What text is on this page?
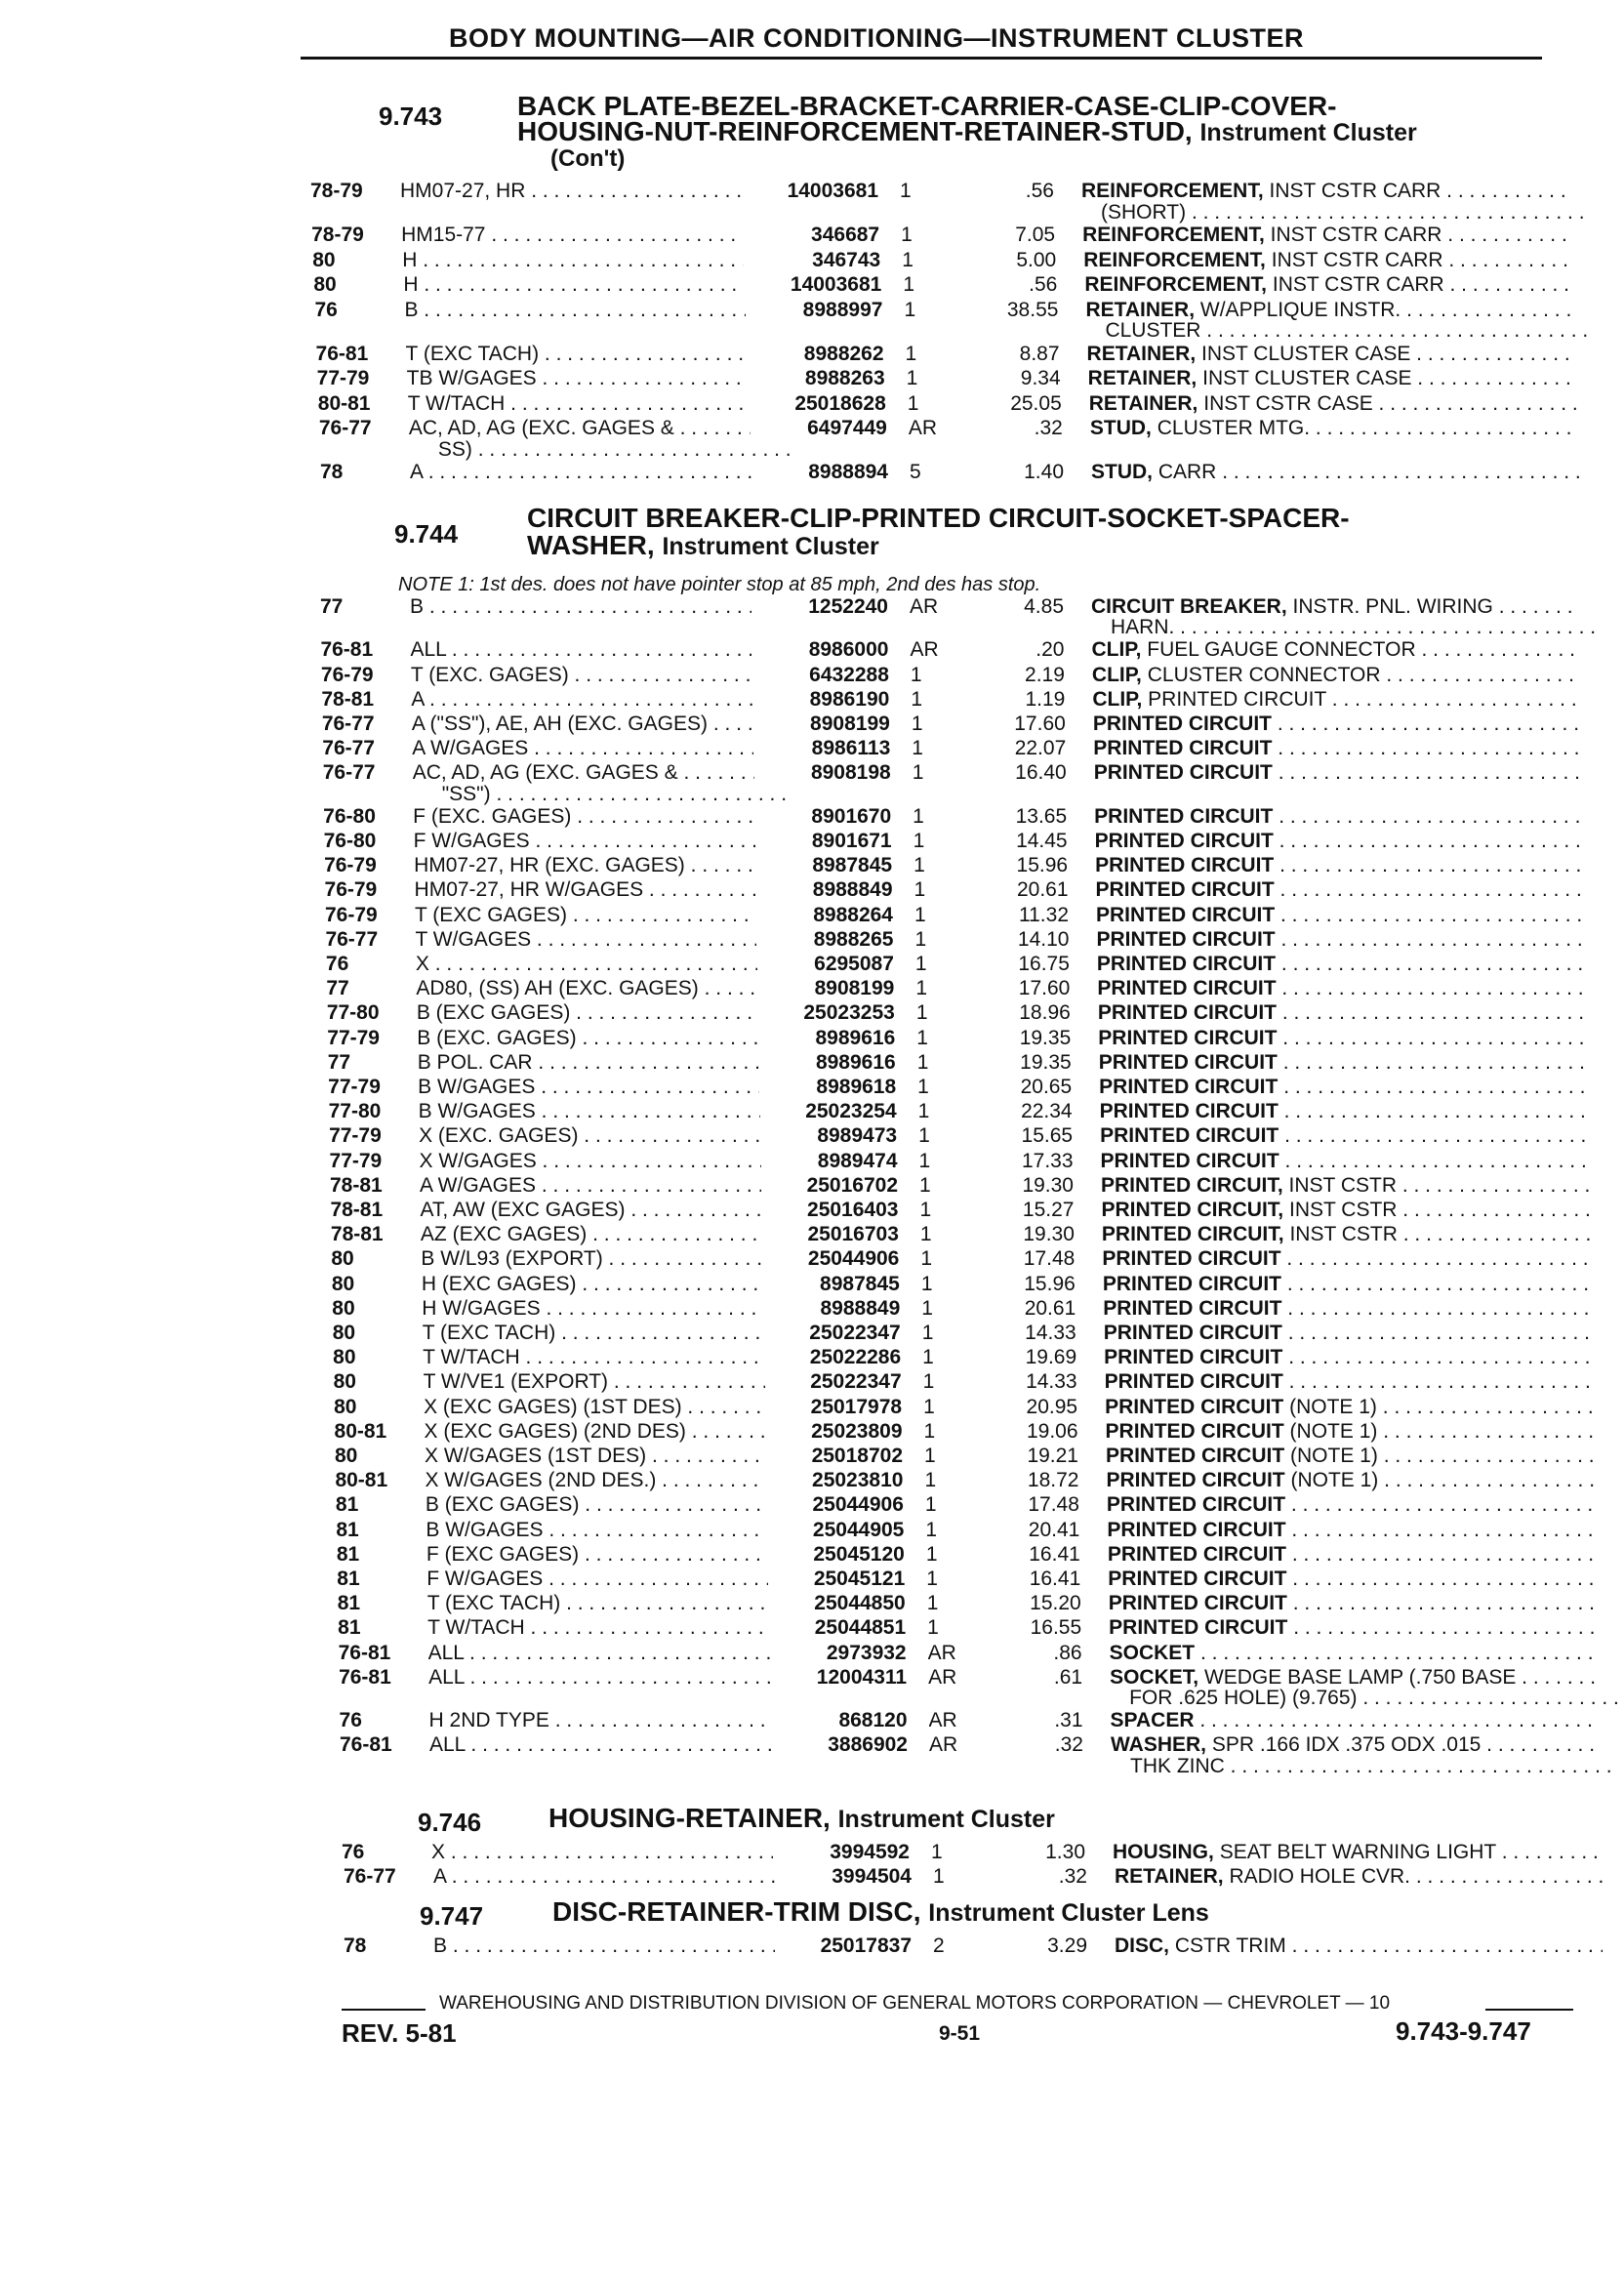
BODY MOUNTING—AIR CONDITIONING—INSTRUMENT CLUSTER
9.743	BACK PLATE-BEZEL-BRACKET-CARRIER-CASE-CLIP-COVER-
HOUSING-NUT-REINFORCEMENT-RETAINER-STUD, Instrument Cluster
(Con't)
78-79	HM07-27, HR . . .	14003681 1	.56 REINFORCEMENT, INST CSTR CARR . . .
(SHORT) . . .
78-79	HM15-77 . . .	346687 1	7.05 REINFORCEMENT, INST CSTR CARR . . .
80	H . . .	346743 1	5.00 REINFORCEMENT, INST CSTR CARR . . .
80	H . . .	14003681 1	.56 REINFORCEMENT, INST CSTR CARR . . .
76	B . . .	8988997 1	38.55 RETAINER, W/APPLIQUE INSTR. . . .
CLUSTER . . .
76-81	T (EXC TACH) . . .	8988262 1	8.87 RETAINER, INST CLUSTER CASE . . .
77-79	TB W/GAGES . . .	8988263 1	9.34 RETAINER, INST CLUSTER CASE . . .
80-81	T W/TACH . . .	25018628 1	25.05 RETAINER, INST CSTR CASE . . .
76-77	AC, AD, AG (EXC. GAGES & . . .	6497449 AR	.32 STUD, CLUSTER MTG. . . .
SS) . . .
78	A . . .	8988894 5	1.40 STUD, CARR . . .
9.744
CIRCUIT BREAKER-CLIP-PRINTED CIRCUIT-SOCKET-SPACER-
WASHER, Instrument Cluster
NOTE 1: 1st des. does not have pointer stop at 85 mph, 2nd des has stop.
77	B . . .	1252240 AR	4.85 CIRCUIT BREAKER, INSTR. PNL. WIRING . . .
HARN. . . .
76-81	ALL . . .	8986000 AR	.20 CLIP, FUEL GAUGE CONNECTOR . . .
76-79	T (EXC. GAGES) . . .	6432288 1	2.19 CLIP, CLUSTER CONNECTOR . . .
78-81	A . . .	8986190 1	1.19 CLIP, PRINTED CIRCUIT . . .
76-77	A ("SS"), AE, AH (EXC. GAGES) . . .	8908199 1	17.60 PRINTED CIRCUIT . . .
76-77	A W/GAGES . . .	8986113 1	22.07 PRINTED CIRCUIT . . .
76-77	AC, AD, AG (EXC. GAGES & . . .	8908198 1	16.40 PRINTED CIRCUIT . . .
"SS") . . .
76-80	F (EXC. GAGES) . . .	8901670 1	13.65 PRINTED CIRCUIT . . .
76-80	F W/GAGES . . .	8901671 1	14.45 PRINTED CIRCUIT . . .
76-79	HM07-27, HR (EXC. GAGES) . . .	8987845 1	15.96 PRINTED CIRCUIT . . .
76-79	HM07-27, HR W/GAGES . . .	8988849 1	20.61 PRINTED CIRCUIT . . .
76-79	T (EXC GAGES) . . .	8988264 1	11.32 PRINTED CIRCUIT . . .
76-77	T W/GAGES . . .	8988265 1	14.10 PRINTED CIRCUIT . . .
76	X . . .	6295087 1	16.75 PRINTED CIRCUIT . . .
77	AD80, (SS) AH (EXC. GAGES) . . .	8908199 1	17.60 PRINTED CIRCUIT . . .
77-80	B (EXC GAGES) . . .	25023253 1	18.96 PRINTED CIRCUIT . . .
77-79	B (EXC. GAGES) . . .	8989616 1	19.35 PRINTED CIRCUIT . . .
77	B POL. CAR . . .	8989616 1	19.35 PRINTED CIRCUIT . . .
77-79	B W/GAGES . . .	8989618 1	20.65 PRINTED CIRCUIT . . .
77-80	B W/GAGES . . .	25023254 1	22.34 PRINTED CIRCUIT . . .
77-79	X (EXC. GAGES) . . .	8989473 1	15.65 PRINTED CIRCUIT . . .
77-79	X W/GAGES . . .	8989474 1	17.33 PRINTED CIRCUIT . . .
78-81	A W/GAGES . . .	25016702 1	19.30 PRINTED CIRCUIT, INST CSTR . . .
78-81	AT, AW (EXC GAGES) . . .	25016403 1	15.27 PRINTED CIRCUIT, INST CSTR . . .
78-81	AZ (EXC GAGES) . . .	25016703 1	19.30 PRINTED CIRCUIT, INST CSTR . . .
80	B W/L93 (EXPORT) . . .	25044906 1	17.48 PRINTED CIRCUIT . . .
80	H (EXC GAGES) . . .	8987845 1	15.96 PRINTED CIRCUIT . . .
80	H W/GAGES . . .	8988849 1	20.61 PRINTED CIRCUIT . . .
80	T (EXC TACH) . . .	25022347 1	14.33 PRINTED CIRCUIT . . .
80	T W/TACH . . .	25022286 1	19.69 PRINTED CIRCUIT . . .
80	T W/VE1 (EXPORT) . . .	25022347 1	14.33 PRINTED CIRCUIT . . .
80	X (EXC GAGES) (1ST DES) . . .	25017978 1	20.95 PRINTED CIRCUIT (NOTE 1) . . .
80-81	X (EXC GAGES) (2ND DES) . . .	25023809 1	19.06 PRINTED CIRCUIT (NOTE 1) . . .
80	X W/GAGES (1ST DES) . . .	25018702 1	19.21 PRINTED CIRCUIT (NOTE 1) . . .
80-81	X W/GAGES (2ND DES.) . . .	25023810 1	18.72 PRINTED CIRCUIT (NOTE 1) . . .
81	B (EXC GAGES) . . .	25044906 1	17.48 PRINTED CIRCUIT . . .
81	B W/GAGES . . .	25044905 1	20.41 PRINTED CIRCUIT . . .
81	F (EXC GAGES) . . .	25045120 1	16.41 PRINTED CIRCUIT . . .
81	F W/GAGES . . .	25045121 1	16.41 PRINTED CIRCUIT . . .
81	T (EXC TACH) . . .	25044850 1	15.20 PRINTED CIRCUIT . . .
81	T W/TACH . . .	25044851 1	16.55 PRINTED CIRCUIT . . .
76-81	ALL . . .	2973932 AR	.86 SOCKET . . .
76-81	ALL . . .	12004311 AR	.61 SOCKET, WEDGE BASE LAMP (.750 BASE . . .
FOR .625 HOLE) (9.765) . . .
76	H 2ND TYPE . . .	868120 AR	.31 SPACER . . .
76-81	ALL . . .	3886902 AR	.32 WASHER, SPR .166 IDX .375 ODX .015 . . .
THK ZINC . . .
9.746 HOUSING-RETAINER, Instrument Cluster
76	X . . .	3994592 1	1.30 HOUSING, SEAT BELT WARNING LIGHT . . .
76-77	A . . .	3994504 1	.32 RETAINER, RADIO HOLE CVR. . . .
9.747	DISC-RETAINER-TRIM DISC, Instrument Cluster Lens
78	B . . .	25017837 2	3.29 DISC, CSTR TRIM . . .
WAREHOUSING AND DISTRIBUTION DIVISION OF GENERAL MOTORS CORPORATION — CHEVROLET — 10
REV. 5-81	9-51	9.743-9.747
